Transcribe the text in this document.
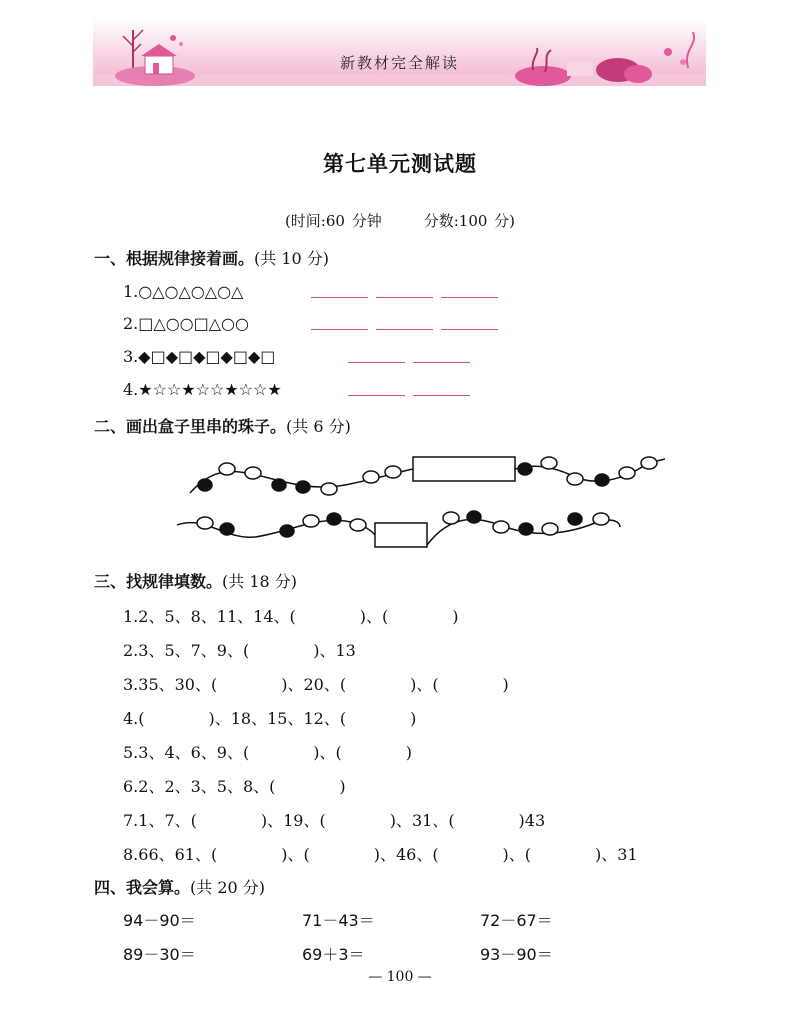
新教材完全解读
第七单元测试题
(时间:60 分钟	分数:100 分)
一、根据规律接着画。(共 10 分)
1.○△○△○△○△
2.□△○○□△○○
3.◆□◆□◆□◆□◆□
4.★☆☆★☆☆★☆☆★
二、画出盒子里串的珠子。(共 6 分)
三、找规律填数。(共 18 分)
1.2、5、8、11、14、(　　　　)、(　　　　)
2.3、5、7、9、(　　　　)、13
3.35、30、(　　　　)、20、(　　　　)、(　　　　)
4.(　　　　)、18、15、12、(　　　　)
5.3、4、6、9、(　　　　)、(　　　　)
6.2、2、3、5、8、(　　　　)
7.1、7、(　　　　)、19、(　　　　)、31、(　　　　)43
8.66、61、(　　　　)、(　　　　)、46、(　　　　)、(　　　　)、31
四、我会算。(共 20 分)
94－90＝	71－43＝	72－67＝
89－30＝	69＋3＝	93－90＝
— 100 —
